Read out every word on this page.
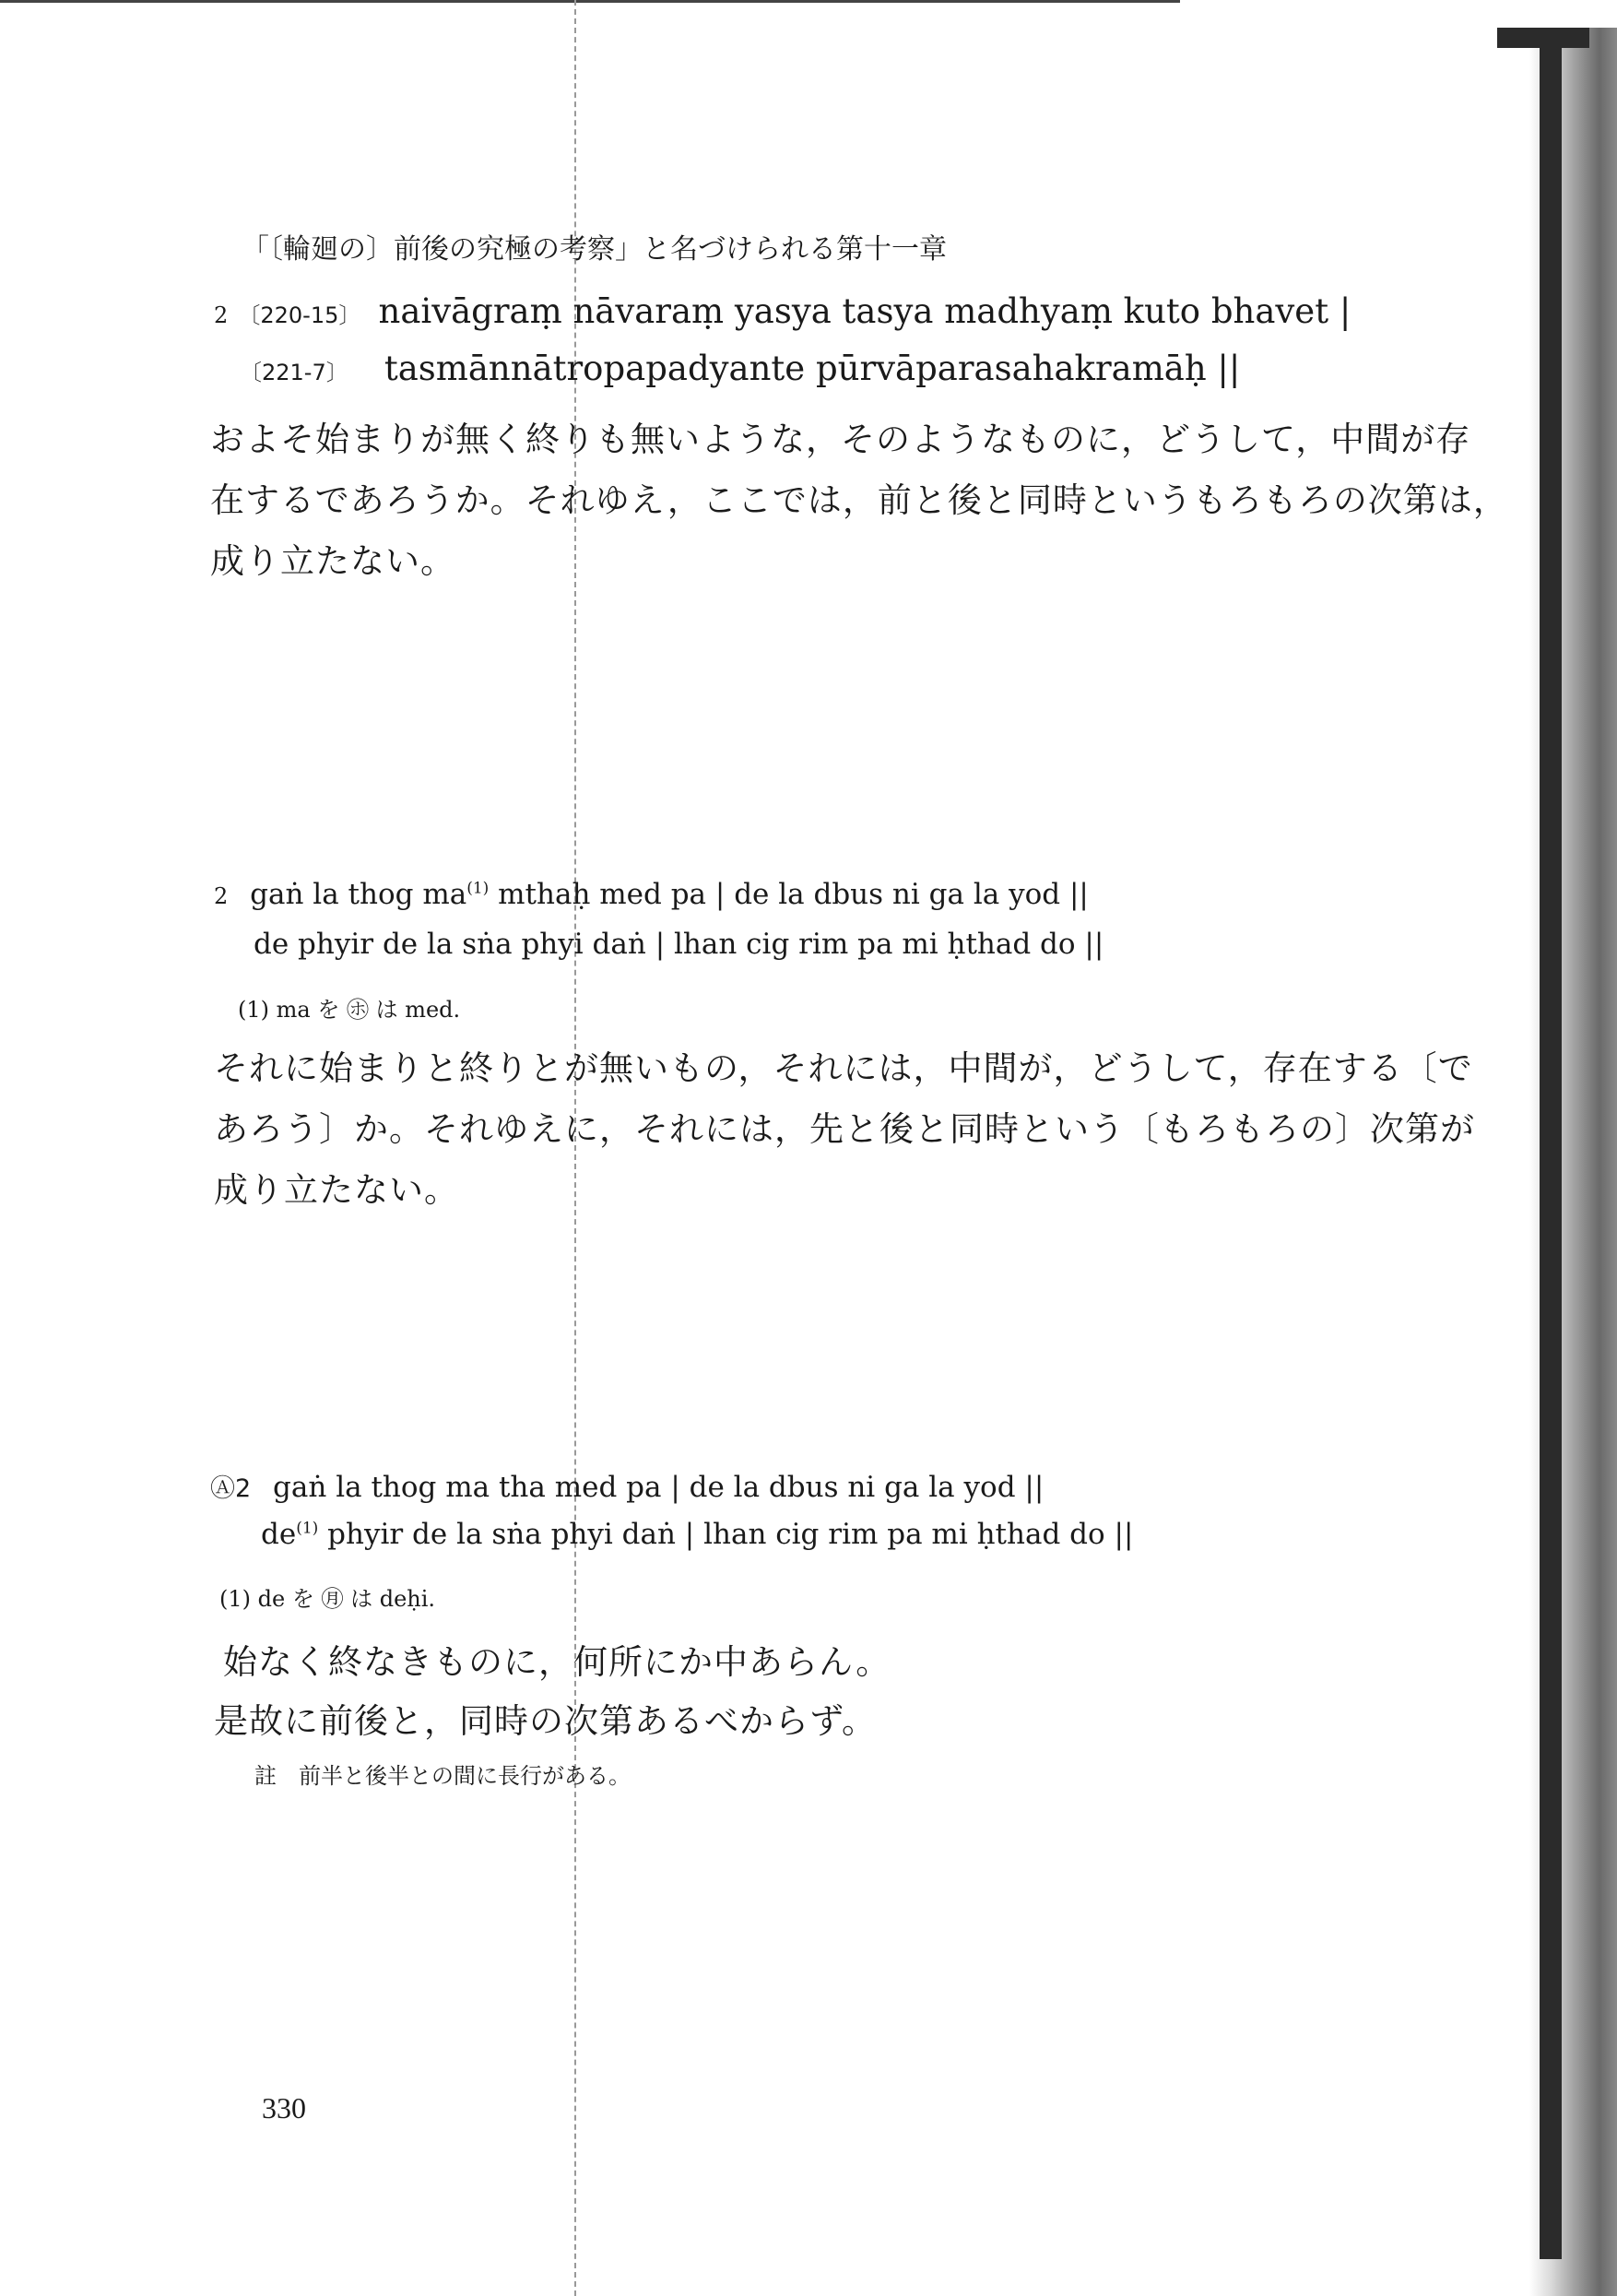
「〔輪廻の〕前後の究極の考察」と名づけられる第十一章
2 〔220-15〕 naivāgraṃ nāvaraṃ yasya tasya madhyaṃ kuto bhavet |
〔221-7〕 tasmānnātropapadyante pūrvāparasahakramāḥ ||
およそ始まりが無く終りも無いような，そのようなものに，どうして，中間が存
在するであろうか。それゆえ，ここでは，前と後と同時というもろもろの次第は，
成り立たない。
2 gaṅ la thog $ma^{(1)}$ mthaḥ med pa | de la dbus ni ga la yod ||
de phyir de la sṅa phyi daṅ | lhan cig rim pa mi ḥthad do ||
(1) ma を ㋭ は med.
それに始まりと終りとが無いもの，それには，中間が，どうして，存在する〔で
あろう〕か。それゆえに，それには，先と後と同時という〔もろもろの〕次第が
成り立たない。
Ⓐ2 gaṅ la thog ma tha med pa | de la dbus ni ga la yod ||
$de^{(1)}$ phyir de la sṅa phyi daṅ | lhan cig rim pa mi ḥthad do ||
(1) de を ㊊ は deḥi.
始なく終なきものに，何所にか中あらん。
是故に前後と，同時の次第あるべからず。
註　前半と後半との間に長行がある。
330
